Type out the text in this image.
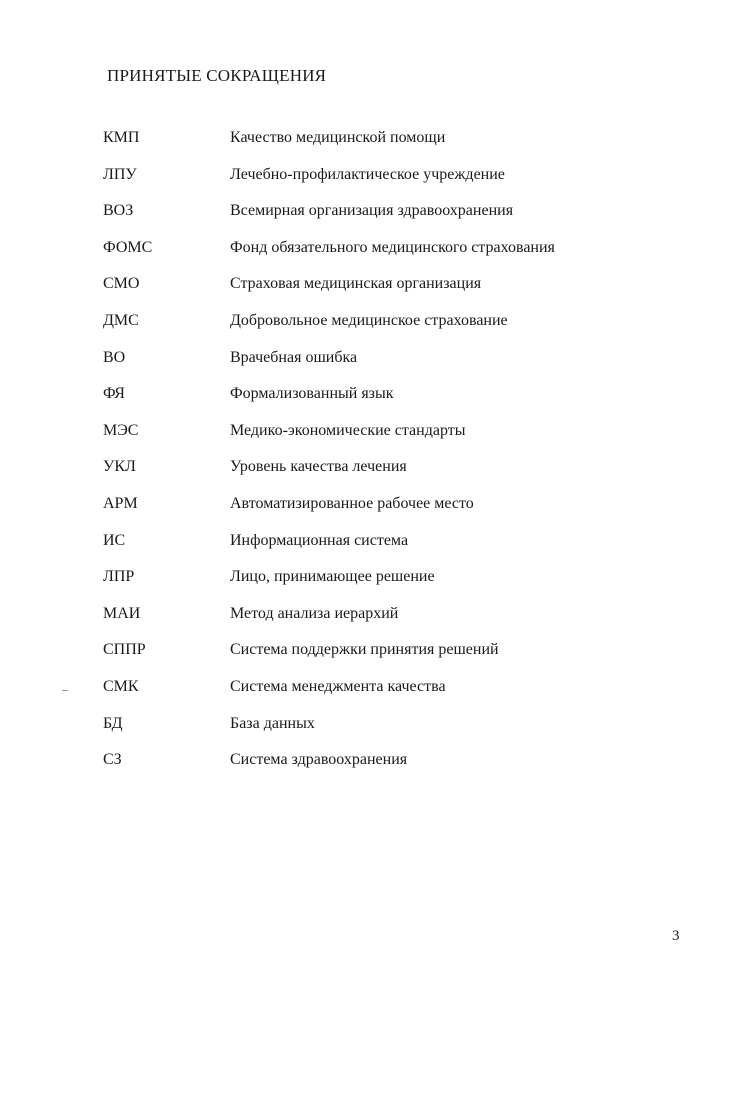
ПРИНЯТЫЕ СОКРАЩЕНИЯ
КМП	Качество медицинской помощи
ЛПУ	Лечебно-профилактическое учреждение
ВОЗ	Всемирная организация здравоохранения
ФОМС	Фонд обязательного медицинского страхования
СМО	Страховая медицинская организация
ДМС	Добровольное медицинское страхование
ВО	Врачебная ошибка
ФЯ	Формализованный язык
МЭС	Медико-экономические стандарты
УКЛ	Уровень качества лечения
АРМ	Автоматизированное рабочее место
ИС	Информационная система
ЛПР	Лицо, принимающее решение
МАИ	Метод анализа иерархий
СППР	Система поддержки принятия решений
СМК	Система менеджмента качества
БД	База данных
СЗ	Система здравоохранения
3
